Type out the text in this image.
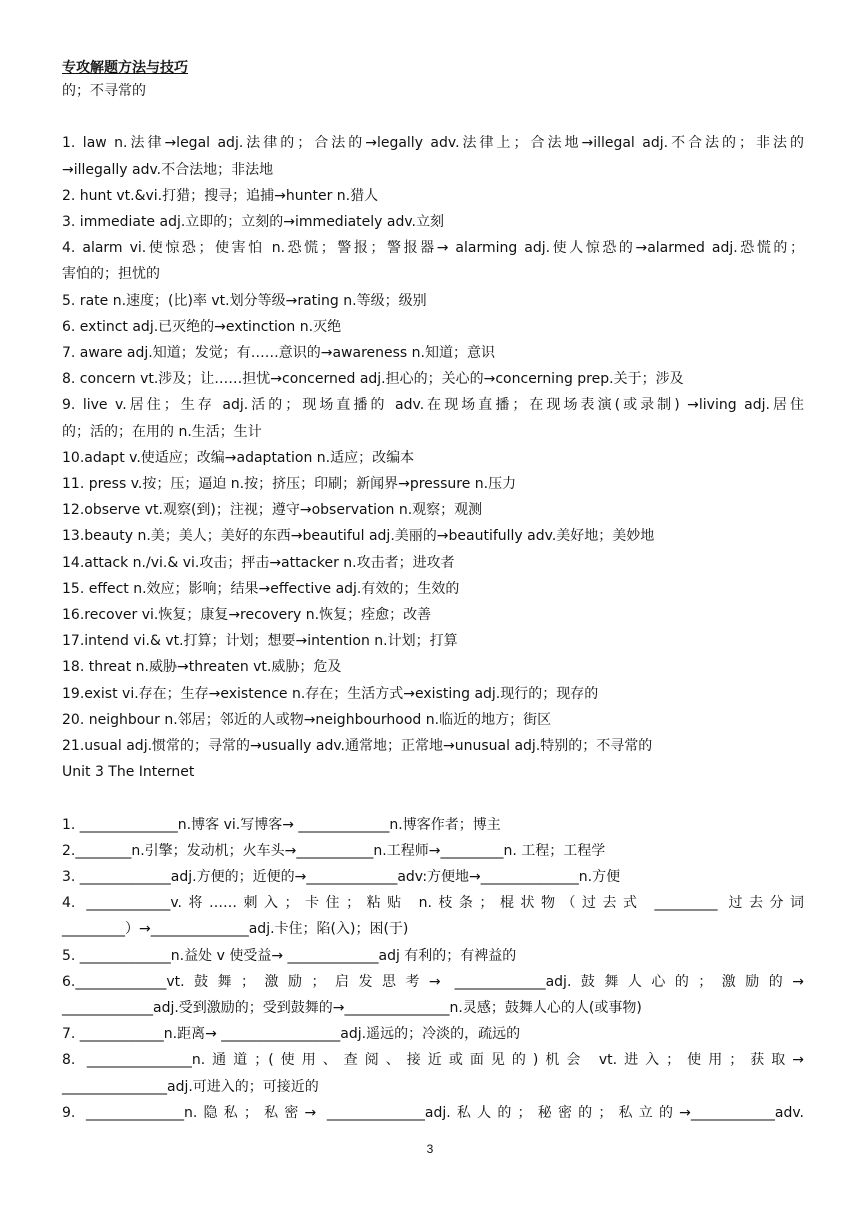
专攻解题方法与技巧

的；不寻常的

1. law n.法律→legal adj.法律的；合法的→legally adv.法律上；合法地→illegal adj.不合法的；非法的

→illegally adv.不合法地；非法地

2. hunt vt.&vi.打猎；搜寻；追捕→hunter n.猎人

3. immediate adj.立即的；立刻的→immediately adv.立刻

4. alarm vi.使惊恐；使害怕 n.恐慌；警报；警报器→ alarming adj.使人惊恐的→alarmed adj.恐慌的；

害怕的；担忧的

5. rate n.速度；(比)率 vt.划分等级→rating n.等级；级别

6. extinct adj.已灭绝的→extinction n.灭绝

7. aware adj.知道；发觉；有……意识的→awareness n.知道；意识

8. concern vt.涉及；让……担忧→concerned adj.担心的；关心的→concerning prep.关于；涉及

9. live v.居住；生存 adj.活的；现场直播的 adv.在现场直播；在现场表演(或录制) →living adj.居住

的；活的；在用的 n.生活；生计

10.adapt v.使适应；改编→adaptation n.适应；改编本

11. press v.按；压；逼迫 n.按；挤压；印刷；新闻界→pressure n.压力

12.observe vt.观察(到)；注视；遵守→observation n.观察；观测

13.beauty n.美；美人；美好的东西→beautiful adj.美丽的→beautifully adv.美好地；美妙地

14.attack n./vi.& vi.攻击；抨击→attacker n.攻击者；进攻者

15. effect n.效应；影响；结果→effective adj.有效的；生效的

16.recover vi.恢复；康复→recovery n.恢复；痊愈；改善

17.intend vi.& vt.打算；计划；想要→intention n.计划；打算

18. threat n.威胁→threaten vt.威胁；危及

19.exist vi.存在；生存→existence n.存在；生活方式→existing adj.现行的；现存的

20. neighbour n.邻居；邻近的人或物→neighbourhood n.临近的地方；街区

21.usual adj.惯常的；寻常的→usually adv.通常地；正常地→unusual adj.特别的；不寻常的

Unit 3 The Internet

1. ______________n.博客 vi.写博客→ _____________n.博客作者；博主

2.________n.引擎；发动机；火车头→___________n.工程师→_________n. 工程；工程学

3. _____________adj.方便的；近便的→_____________adv:方便地→______________n.方便

4. ____________v.将……刺入；卡住；粘贴 n.枝条；棍状物（过去式 _________ 过去分词

_________）→______________adj.卡住；陷(入)；困(于)

5. _____________n.益处 v 使受益→ _____________adj 有利的；有裨益的

6._____________vt.鼓舞；激励；启发思考→ _____________adj.鼓舞人心的；激励的→

_____________adj.受到激励的；受到鼓舞的→_______________n.灵感；鼓舞人心的人(或事物)

7. ____________n.距离→ _________________adj.遥远的；冷淡的，疏远的

8. _______________n.通道；(使用、查阅、接近或面见的)机会 vt.进入；使用；获取→

_______________adj.可进入的；可接近的

9. ______________n.隐私；私密→ ______________adj.私人的；秘密的；私立的→____________adv.

3
